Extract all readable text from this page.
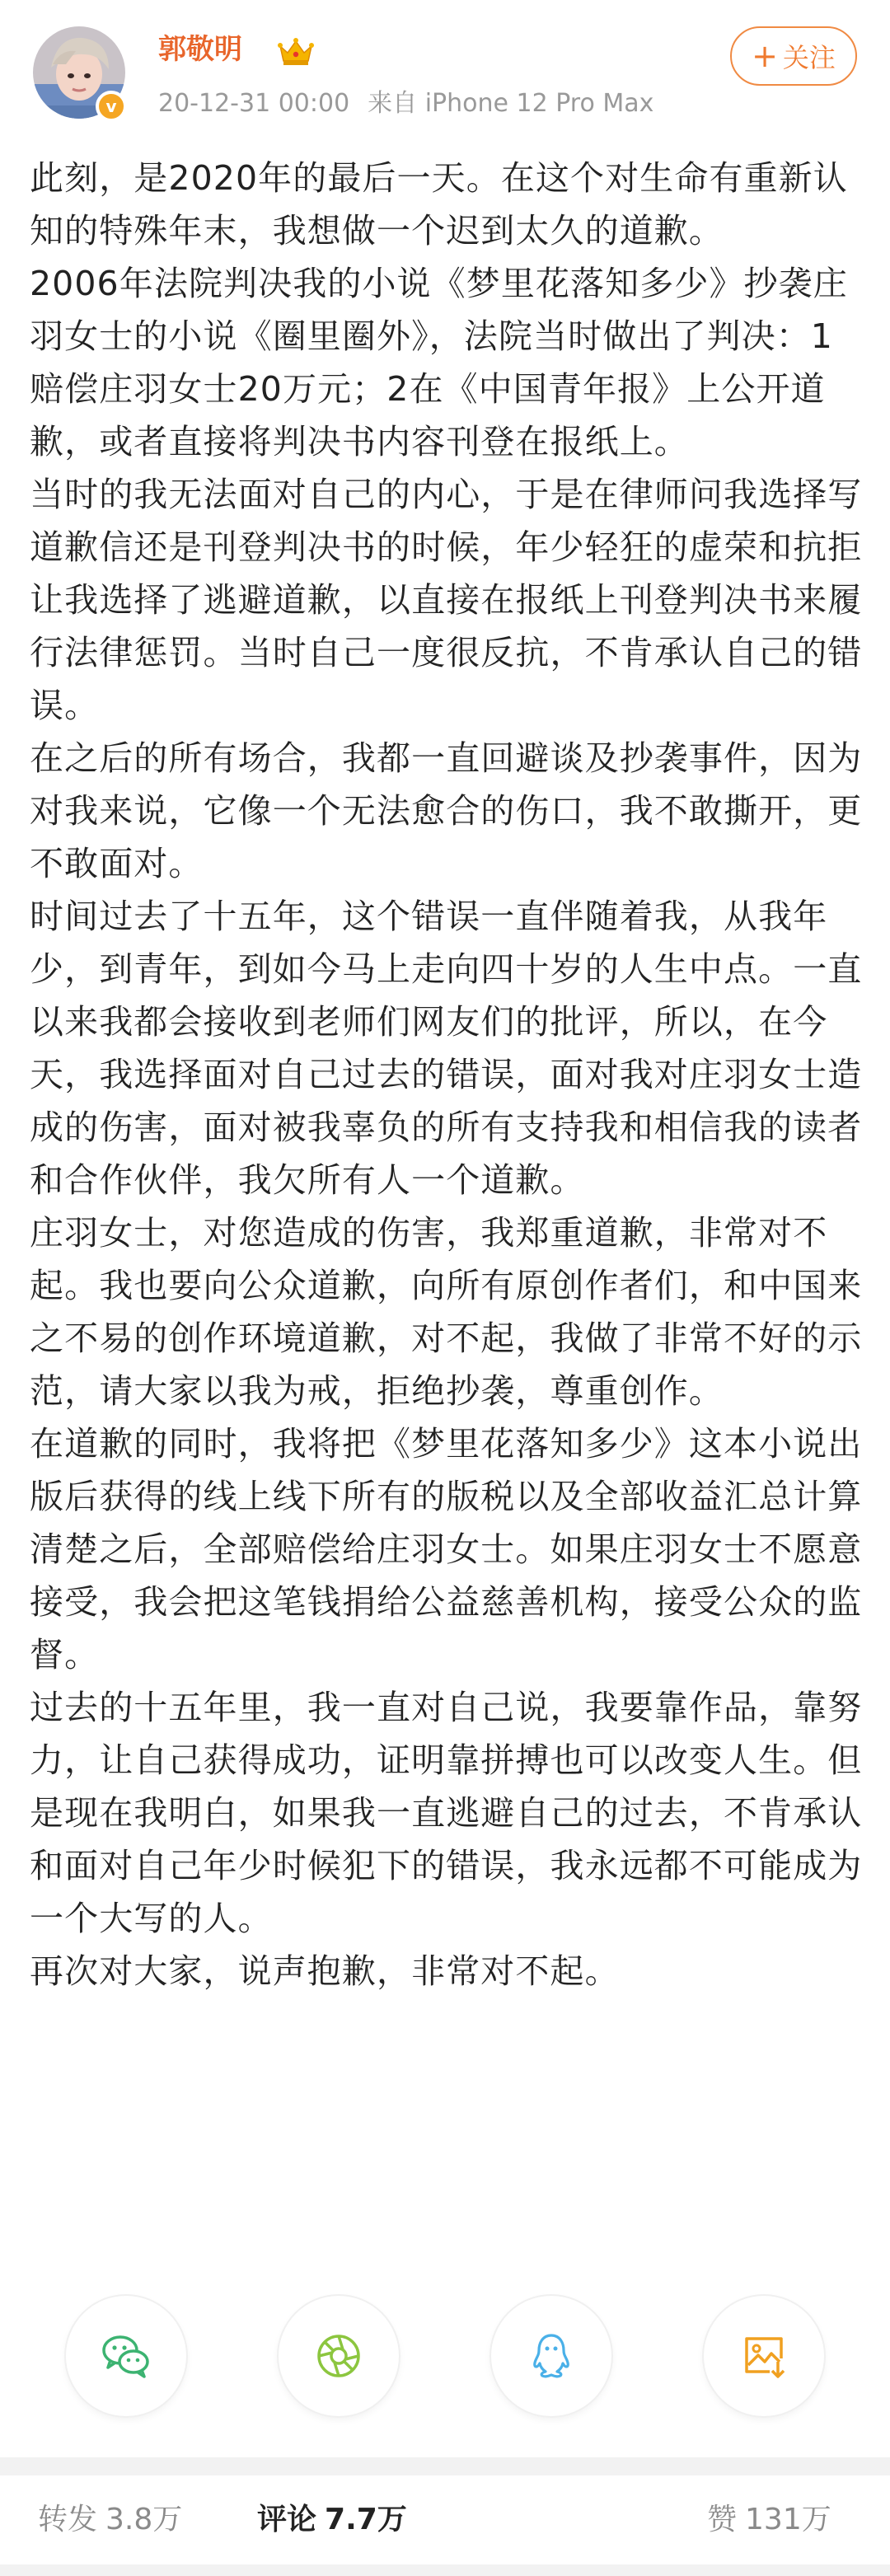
v
郭敬明
20-12-31 00:00 来自 iPhone 12 Pro Max
+ 关注

此刻，是2020年的最后一天。在这个对生命有重新认知的特殊年末，我想做一个迟到太久的道歉。

2006年法院判决我的小说《梦里花落知多少》抄袭庄羽女士的小说《圈里圈外》，法院当时做出了判决：1赔偿庄羽女士20万元；2在《中国青年报》上公开道歉，或者直接将判决书内容刊登在报纸上。

当时的我无法面对自己的内心，于是在律师问我选择写道歉信还是刊登判决书的时候，年少轻狂的虚荣和抗拒让我选择了逃避道歉，以直接在报纸上刊登判决书来履行法律惩罚。当时自己一度很反抗，不肯承认自己的错误。

在之后的所有场合，我都一直回避谈及抄袭事件，因为对我来说，它像一个无法愈合的伤口，我不敢撕开，更不敢面对。

时间过去了十五年，这个错误一直伴随着我，从我年少，到青年，到如今马上走向四十岁的人生中点。一直以来我都会接收到老师们网友们的批评，所以，在今天，我选择面对自己过去的错误，面对我对庄羽女士造成的伤害，面对被我辜负的所有支持我和相信我的读者和合作伙伴，我欠所有人一个道歉。

庄羽女士，对您造成的伤害，我郑重道歉，非常对不起。我也要向公众道歉，向所有原创作者们，和中国来之不易的创作环境道歉，对不起，我做了非常不好的示范，请大家以我为戒，拒绝抄袭，尊重创作。

在道歉的同时，我将把《梦里花落知多少》这本小说出版后获得的线上线下所有的版税以及全部收益汇总计算清楚之后，全部赔偿给庄羽女士。如果庄羽女士不愿意接受，我会把这笔钱捐给公益慈善机构，接受公众的监督。

过去的十五年里，我一直对自己说，我要靠作品，靠努力，让自己获得成功，证明靠拼搏也可以改变人生。但是现在我明白，如果我一直逃避自己的过去，不肯承认和面对自己年少时候犯下的错误，我永远都不可能成为一个大写的人。

再次对大家，说声抱歉，非常对不起。

转发 3.8万	评论 7.7万	赞 131万
